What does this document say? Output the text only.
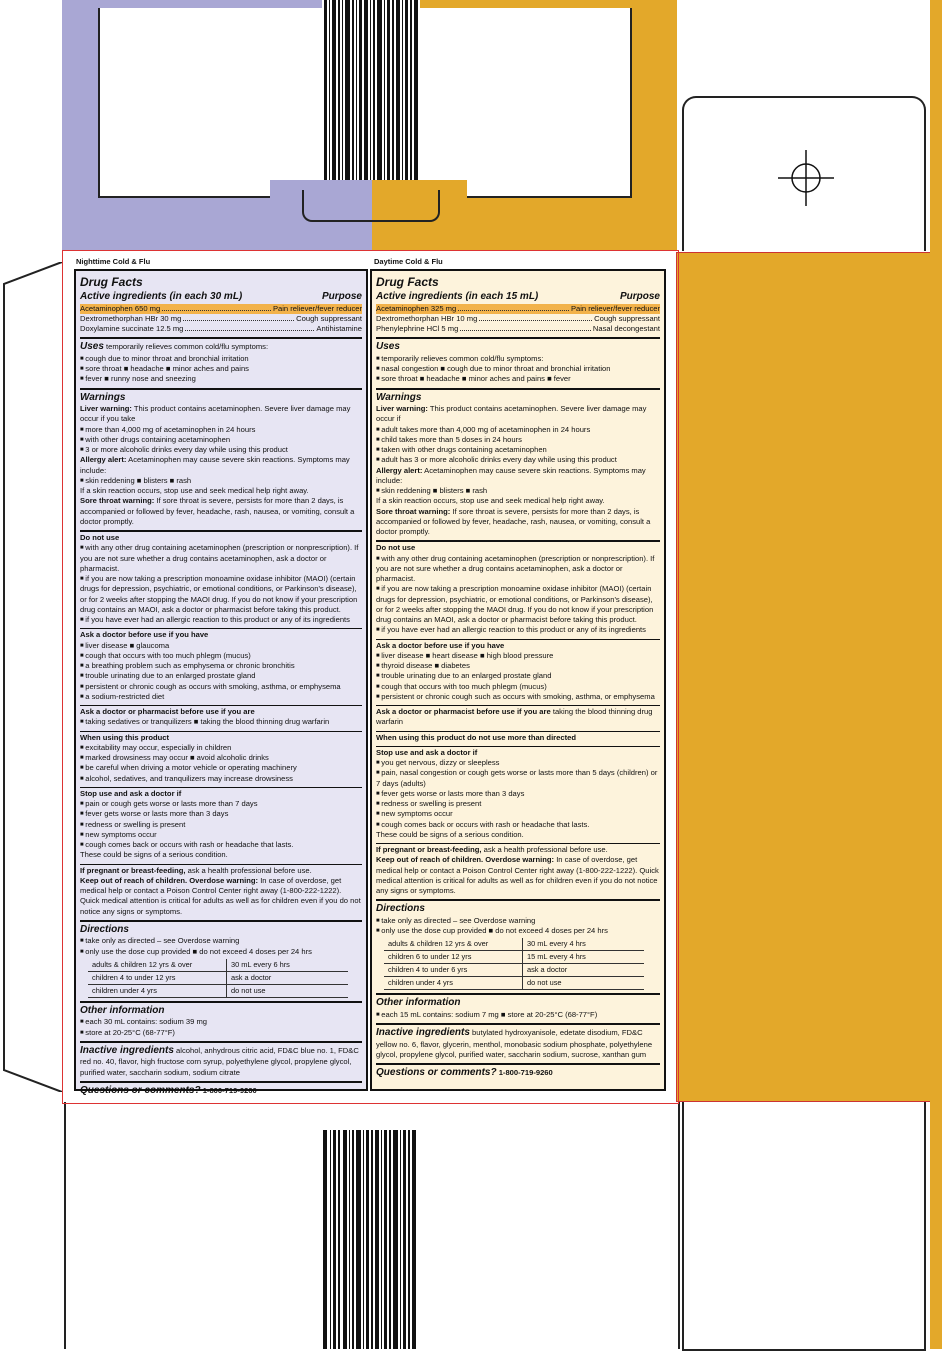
Nighttime Cold & Flu	Daytime Cold & Flu
Drug Facts
Active ingredients (in each 30 mL)	Purpose
Acetaminophen 650 mg	Pain reliever/fever reducer
Dextromethorphan HBr 30 mg	Cough suppressant
Doxylamine succinate 12.5 mg	Antihistamine
Uses temporarily relieves common cold/flu symptoms:
■ cough due to minor throat and bronchial irritation
■ sore throat ■ headache ■ minor aches and pains
■ fever ■ runny nose and sneezing
Warnings
Liver warning: This product contains acetaminophen. Severe liver damage may occur if you take
■ more than 4,000 mg of acetaminophen in 24 hours
■ with other drugs containing acetaminophen
■ 3 or more alcoholic drinks every day while using this product
Allergy alert: Acetaminophen may cause severe skin reactions. Symptoms may include:
■ skin reddening ■ blisters ■ rash
If a skin reaction occurs, stop use and seek medical help right away.
Sore throat warning: If sore throat is severe, persists for more than 2 days, is accompanied or followed by fever, headache, rash, nausea, or vomiting, consult a doctor promptly.
Do not use
■ with any other drug containing acetaminophen (prescription or nonprescription). If you are not sure whether a drug contains acetaminophen, ask a doctor or pharmacist.
■ if you are now taking a prescription monoamine oxidase inhibitor (MAOI) (certain drugs for depression, psychiatric, or emotional conditions, or Parkinson's disease), or for 2 weeks after stopping the MAOI drug. If you do not know if your prescription drug contains an MAOI, ask a doctor or pharmacist before taking this product.
■ if you have ever had an allergic reaction to this product or any of its ingredients
Ask a doctor before use if you have
■ liver disease ■ glaucoma
■ cough that occurs with too much phlegm (mucus)
■ a breathing problem such as emphysema or chronic bronchitis
■ trouble urinating due to an enlarged prostate gland
■ persistent or chronic cough as occurs with smoking, asthma, or emphysema
■ a sodium-restricted diet
Ask a doctor or pharmacist before use if you are
■ taking sedatives or tranquilizers ■ taking the blood thinning drug warfarin
When using this product
■ excitability may occur, especially in children
■ marked drowsiness may occur ■ avoid alcoholic drinks
■ be careful when driving a motor vehicle or operating machinery
■ alcohol, sedatives, and tranquilizers may increase drowsiness
Stop use and ask a doctor if
■ pain or cough gets worse or lasts more than 7 days
■ fever gets worse or lasts more than 3 days
■ redness or swelling is present
■ new symptoms occur
■ cough comes back or occurs with rash or headache that lasts.
These could be signs of a serious condition.
If pregnant or breast-feeding, ask a health professional before use.
Keep out of reach of children. Overdose warning: In case of overdose, get medical help or contact a Poison Control Center right away (1-800-222-1222). Quick medical attention is critical for adults as well as for children even if you do not notice any signs or symptoms.
Directions
■ take only as directed – see Overdose warning
■ only use the dose cup provided ■ do not exceed 4 doses per 24 hrs
adults & children 12 yrs & over	30 mL every 6 hrs
children 4 to under 12 yrs	ask a doctor
children under 4 yrs	do not use
Other information
■ each 30 mL contains: sodium 39 mg
■ store at 20-25°C (68-77°F)
Inactive ingredients alcohol, anhydrous citric acid, FD&C blue no. 1, FD&C red no. 40, flavor, high fructose corn syrup, polyethylene glycol, propylene glycol, purified water, saccharin sodium, sodium citrate
Questions or comments? 1-800-719-9260
Drug Facts
Active ingredients (in each 15 mL)	Purpose
Acetaminophen 325 mg	Pain reliever/fever reducer
Dextromethorphan HBr 10 mg	Cough suppressant
Phenylephrine HCl 5 mg	Nasal decongestant
Uses
■ temporarily relieves common cold/flu symptoms:
■ nasal congestion ■ cough due to minor throat and bronchial irritation
■ sore throat ■ headache ■ minor aches and pains ■ fever
Warnings
Liver warning: This product contains acetaminophen. Severe liver damage may occur if
■ adult takes more than 4,000 mg of acetaminophen in 24 hours
■ child takes more than 5 doses in 24 hours
■ taken with other drugs containing acetaminophen
■ adult has 3 or more alcoholic drinks every day while using this product
Allergy alert: Acetaminophen may cause severe skin reactions. Symptoms may include:
■ skin reddening ■ blisters ■ rash
If a skin reaction occurs, stop use and seek medical help right away.
Sore throat warning: If sore throat is severe, persists for more than 2 days, is accompanied or followed by fever, headache, rash, nausea, or vomiting, consult a doctor promptly.
Do not use
■ with any other drug containing acetaminophen (prescription or nonprescription). If you are not sure whether a drug contains acetaminophen, ask a doctor or pharmacist.
■ if you are now taking a prescription monoamine oxidase inhibitor (MAOI) (certain drugs for depression, psychiatric, or emotional conditions, or Parkinson's disease), or for 2 weeks after stopping the MAOI drug. If you do not know if your prescription drug contains an MAOI, ask a doctor or pharmacist before taking this product.
■ if you have ever had an allergic reaction to this product or any of its ingredients
Ask a doctor before use if you have
■ liver disease ■ heart disease ■ high blood pressure
■ thyroid disease ■ diabetes
■ trouble urinating due to an enlarged prostate gland
■ cough that occurs with too much phlegm (mucus)
■ persistent or chronic cough such as occurs with smoking, asthma, or emphysema
Ask a doctor or pharmacist before use if you are taking the blood thinning drug warfarin
When using this product do not use more than directed
Stop use and ask a doctor if
■ you get nervous, dizzy or sleepless
■ pain, nasal congestion or cough gets worse or lasts more than 5 days (children) or 7 days (adults)
■ fever gets worse or lasts more than 3 days
■ redness or swelling is present
■ new symptoms occur
■ cough comes back or occurs with rash or headache that lasts.
These could be signs of a serious condition.
If pregnant or breast-feeding, ask a health professional before use.
Keep out of reach of children. Overdose warning: In case of overdose, get medical help or contact a Poison Control Center right away (1-800-222-1222). Quick medical attention is critical for adults as well as for children even if you do not notice any signs or symptoms.
Directions
■ take only as directed – see Overdose warning
■ only use the dose cup provided ■ do not exceed 4 doses per 24 hrs
adults & children 12 yrs & over	30 mL every 4 hrs
children 6 to under 12 yrs	15 mL every 4 hrs
children 4 to under 6 yrs	ask a doctor
children under 4 yrs	do not use
Other information
■ each 15 mL contains: sodium 7 mg ■ store at 20-25°C (68-77°F)
Inactive ingredients butylated hydroxyanisole, edetate disodium, FD&C yellow no. 6, flavor, glycerin, menthol, monobasic sodium phosphate, polyethylene glycol, propylene glycol, purified water, saccharin sodium, sucrose, xanthan gum
Questions or comments? 1-800-719-9260
